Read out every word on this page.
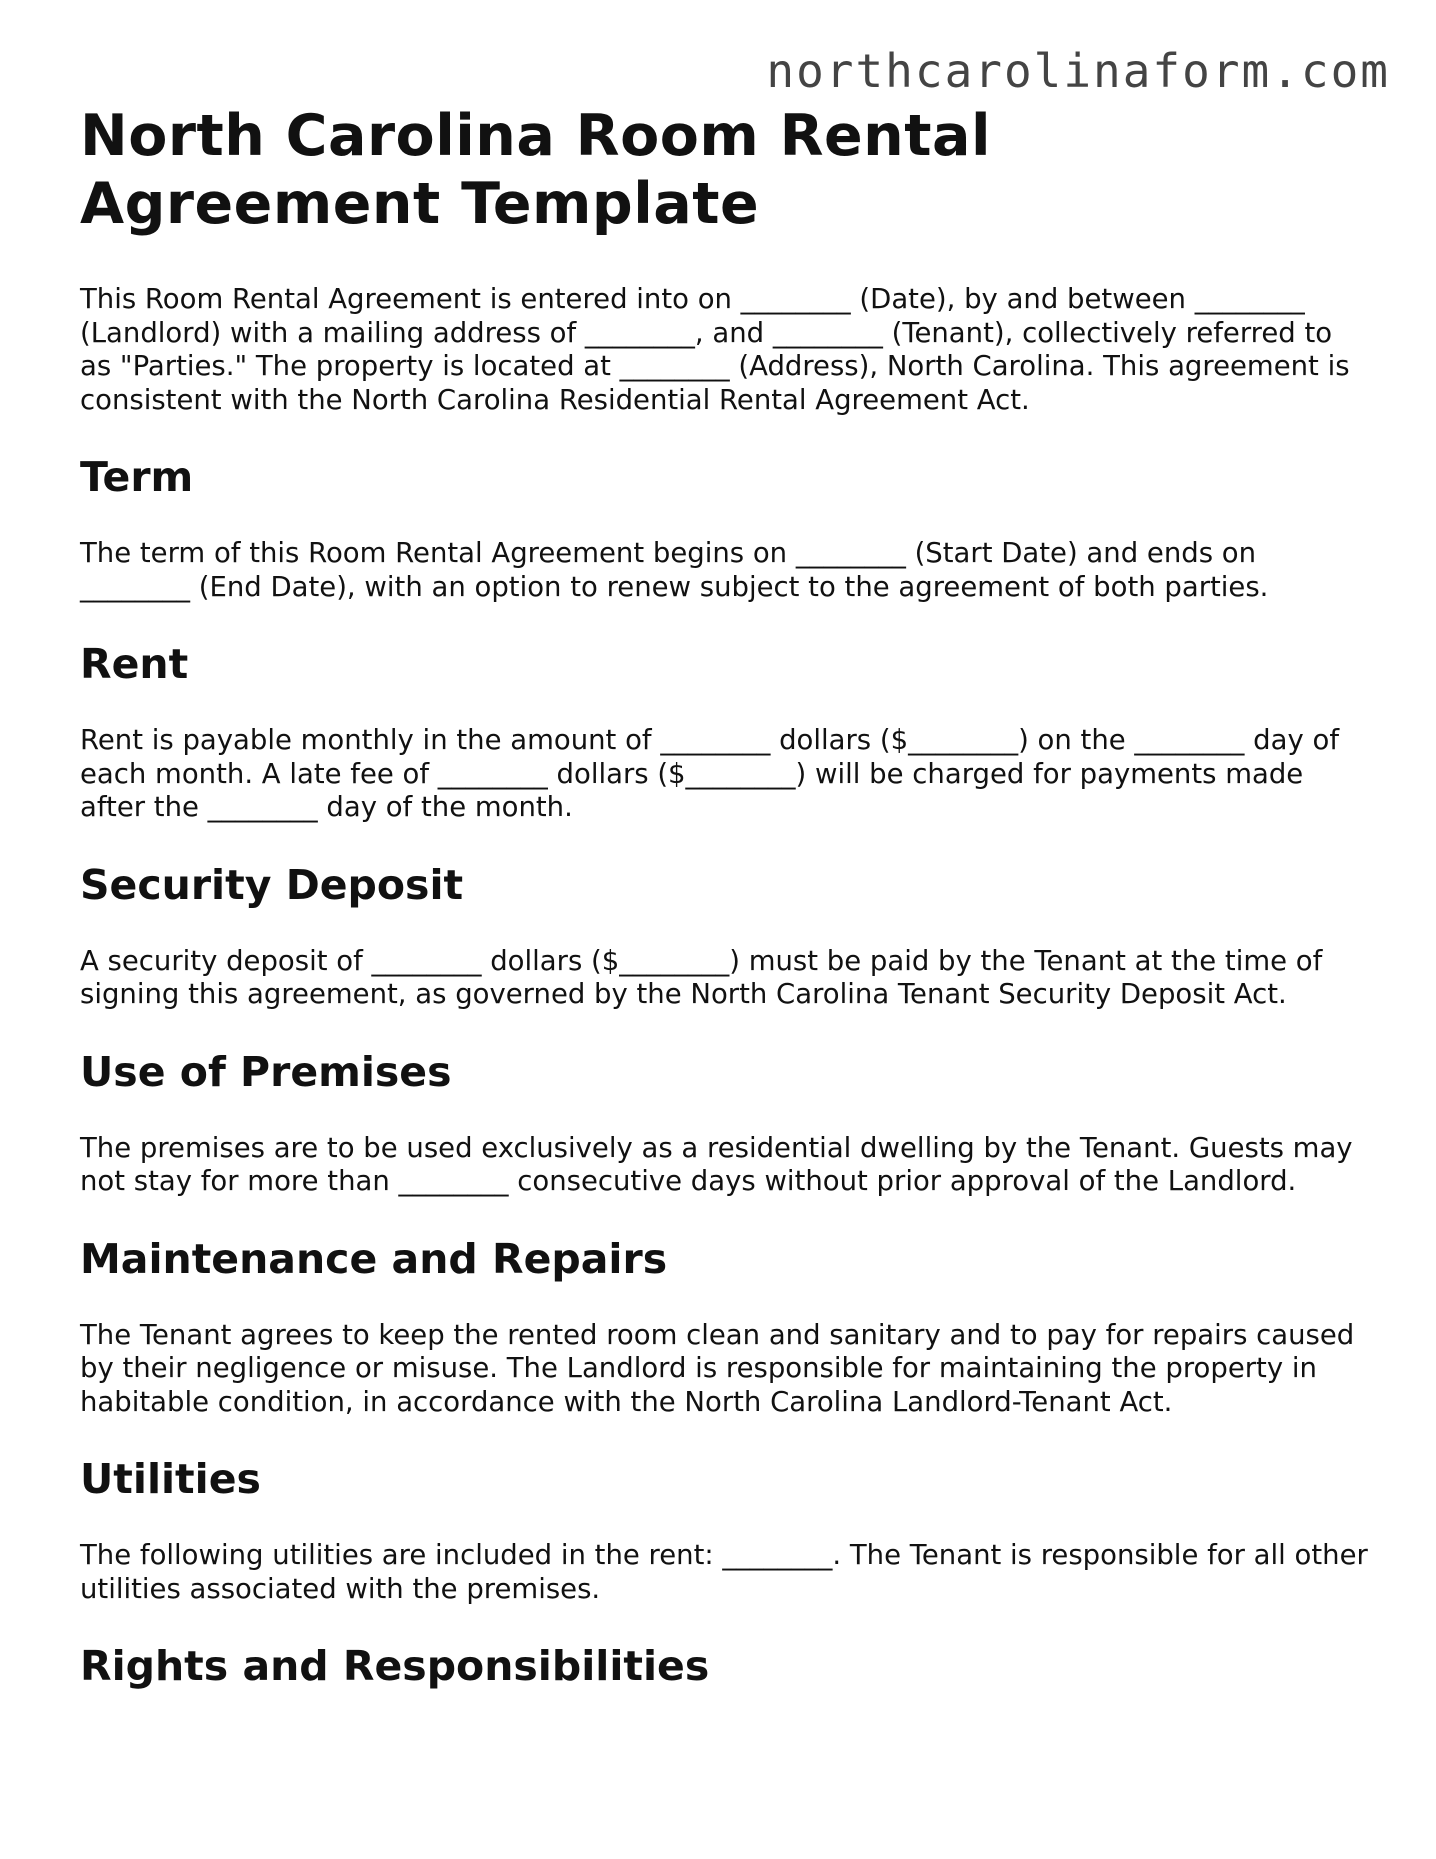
northcarolinaform.com
North Carolina Room Rental Agreement Template

This Room Rental Agreement is entered into on ________ (Date), by and between ________ (Landlord) with a mailing address of ________, and ________ (Tenant), collectively referred to as "Parties." The property is located at ________ (Address), North Carolina. This agreement is consistent with the North Carolina Residential Rental Agreement Act.

Term

The term of this Room Rental Agreement begins on ________ (Start Date) and ends on ________ (End Date), with an option to renew subject to the agreement of both parties.

Rent

Rent is payable monthly in the amount of ________ dollars ($________) on the ________ day of each month. A late fee of ________ dollars ($________) will be charged for payments made after the ________ day of the month.

Security Deposit

A security deposit of ________ dollars ($________) must be paid by the Tenant at the time of signing this agreement, as governed by the North Carolina Tenant Security Deposit Act.

Use of Premises

The premises are to be used exclusively as a residential dwelling by the Tenant. Guests may not stay for more than ________ consecutive days without prior approval of the Landlord.

Maintenance and Repairs

The Tenant agrees to keep the rented room clean and sanitary and to pay for repairs caused by their negligence or misuse. The Landlord is responsible for maintaining the property in habitable condition, in accordance with the North Carolina Landlord-Tenant Act.

Utilities

The following utilities are included in the rent: ________. The Tenant is responsible for all other utilities associated with the premises.

Rights and Responsibilities
